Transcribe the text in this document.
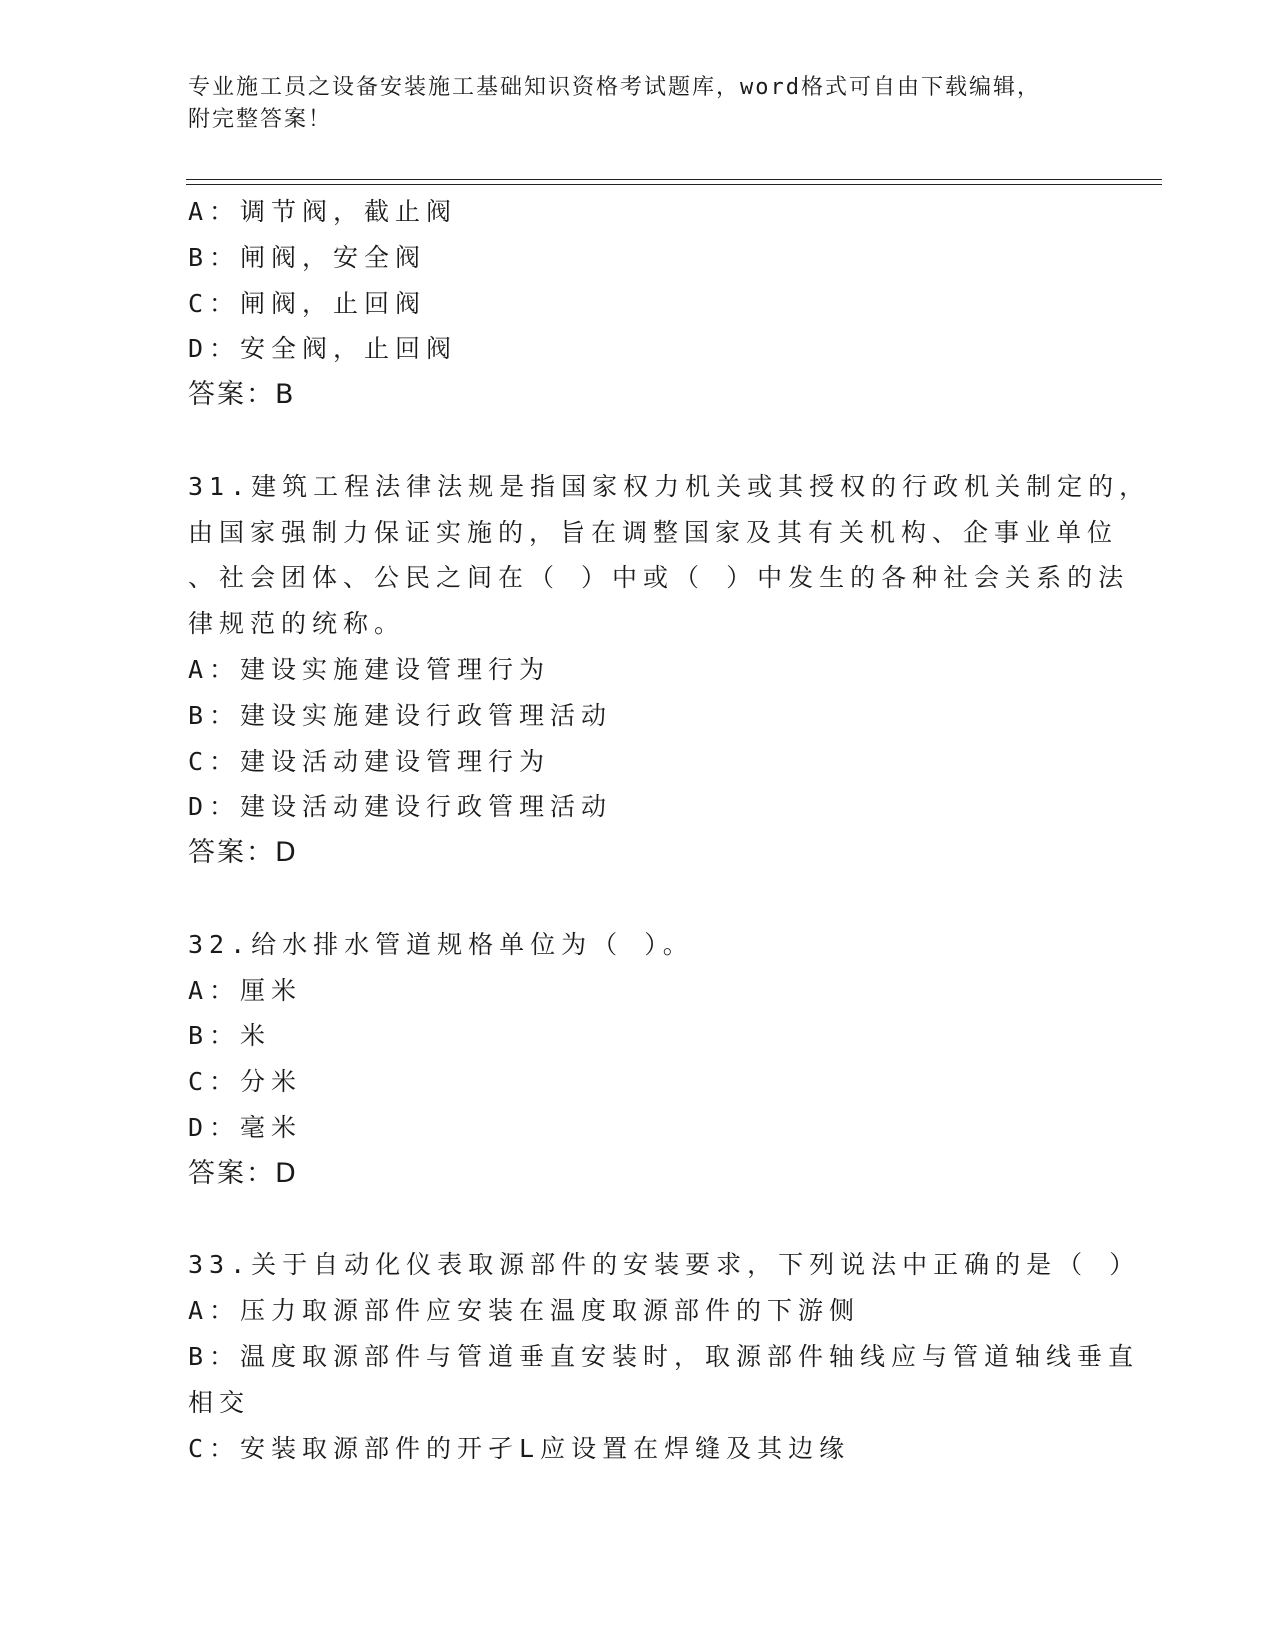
专业施工员之设备安装施工基础知识资格考试题库，word格式可自由下载编辑，
附完整答案！
A：调节阀，截止阀
B：闸阀，安全阀
C：闸阀，止回阀
D：安全阀，止回阀
答案：B
31.建筑工程法律法规是指国家权力机关或其授权的行政机关制定的，
由国家强制力保证实施的，旨在调整国家及其有关机构、企事业单位
、社会团体、公民之间在（ ）中或（ ）中发生的各种社会关系的法
律规范的统称。
A：建设实施建设管理行为
B：建设实施建设行政管理活动
C：建设活动建设管理行为
D：建设活动建设行政管理活动
答案：D
32.给水排水管道规格单位为（ ）。
A：厘米
B：米
C：分米
D：毫米
答案：D
33.关于自动化仪表取源部件的安装要求，下列说法中正确的是（ ）
A：压力取源部件应安装在温度取源部件的下游侧
B：温度取源部件与管道垂直安装时，取源部件轴线应与管道轴线垂直
相交
C：安装取源部件的开孑L应设置在焊缝及其边缘
